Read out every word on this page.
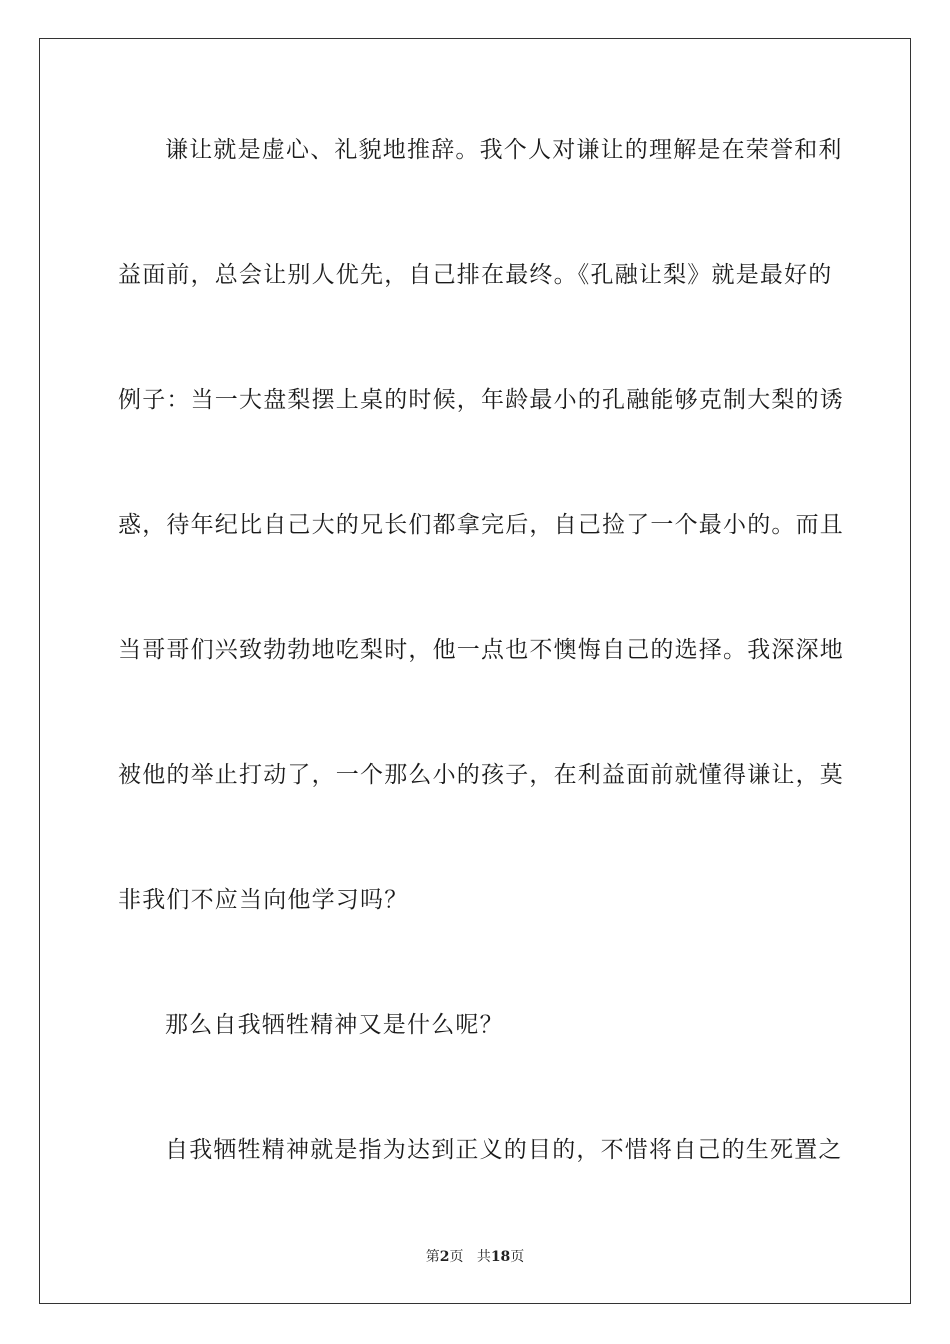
谦让就是虚心、礼貌地推辞。我个人对谦让的理解是在荣誉和利
益面前，总会让别人优先，自己排在最终。《孔融让梨》就是最好的
例子：当一大盘梨摆上桌的时候，年龄最小的孔融能够克制大梨的诱
惑，待年纪比自己大的兄长们都拿完后，自己捡了一个最小的。而且
当哥哥们兴致勃勃地吃梨时，他一点也不懊悔自己的选择。我深深地
被他的举止打动了，一个那么小的孩子，在利益面前就懂得谦让，莫
非我们不应当向他学习吗？
那么自我牺牲精神又是什么呢？
自我牺牲精神就是指为达到正义的目的，不惜将自己的生死置之
第2页 共18页
